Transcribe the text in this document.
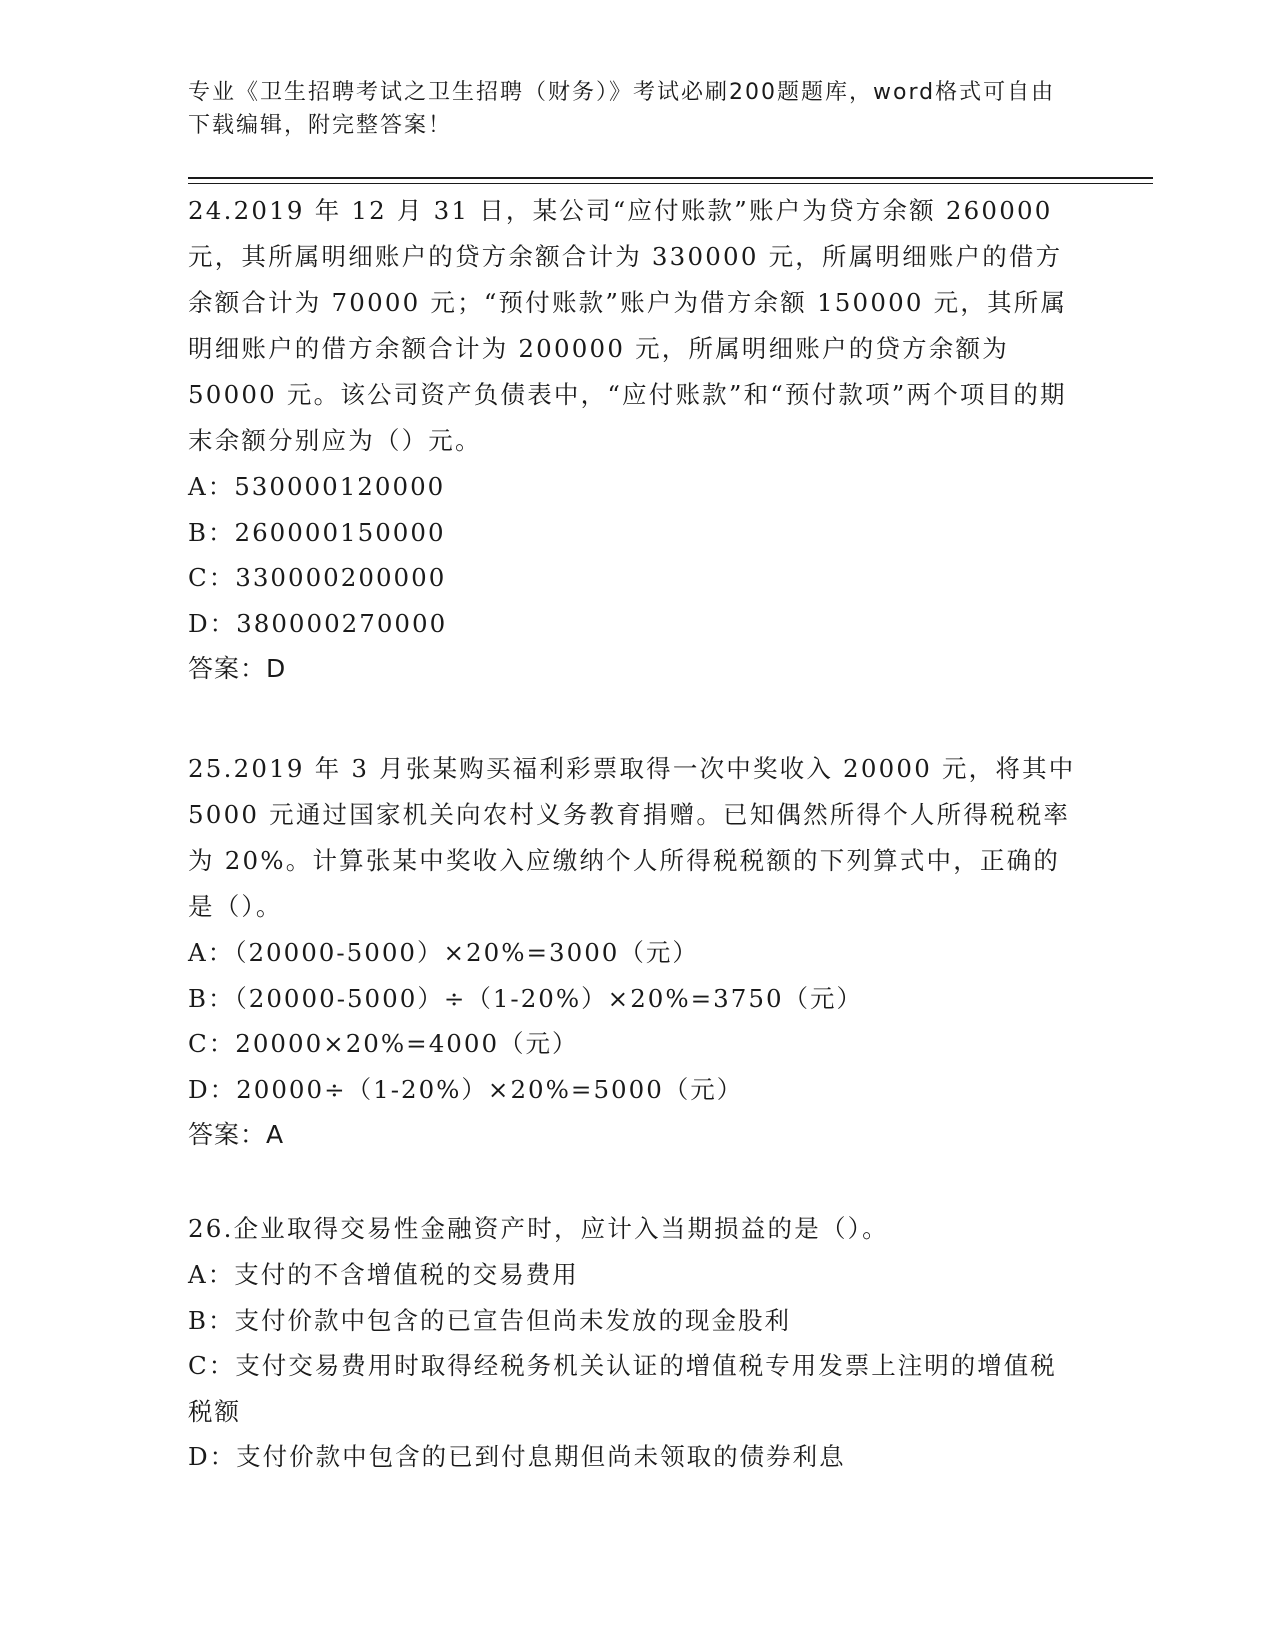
专业《卫生招聘考试之卫生招聘（财务）》考试必刷200题题库，word格式可自由下载编辑，附完整答案！

24.2019 年 12 月 31 日，某公司“应付账款”账户为贷方余额 260000 元，其所属明细账户的贷方余额合计为 330000 元，所属明细账户的借方余额合计为 70000 元；“预付账款”账户为借方余额 150000 元，其所属明细账户的借方余额合计为 200000 元，所属明细账户的贷方余额为 50000 元。该公司资产负债表中，“应付账款”和“预付款项”两个项目的期末余额分别应为（）元。

A：530000120000

B：260000150000

C：330000200000

D：380000270000

答案：D

25.2019 年 3 月张某购买福利彩票取得一次中奖收入 20000 元，将其中 5000 元通过国家机关向农村义务教育捐赠。已知偶然所得个人所得税税率为 20%。计算张某中奖收入应缴纳个人所得税税额的下列算式中，正确的是（）。

A：（20000-5000）×20%=3000（元）

B：（20000-5000）÷（1-20%）×20%=3750（元）

C：20000×20%=4000（元）

D：20000÷（1-20%）×20%=5000（元）

答案：A

26.企业取得交易性金融资产时，应计入当期损益的是（）。

A：支付的不含增值税的交易费用

B：支付价款中包含的已宣告但尚未发放的现金股利

C：支付交易费用时取得经税务机关认证的增值税专用发票上注明的增值税税额

D：支付价款中包含的已到付息期但尚未领取的债券利息
